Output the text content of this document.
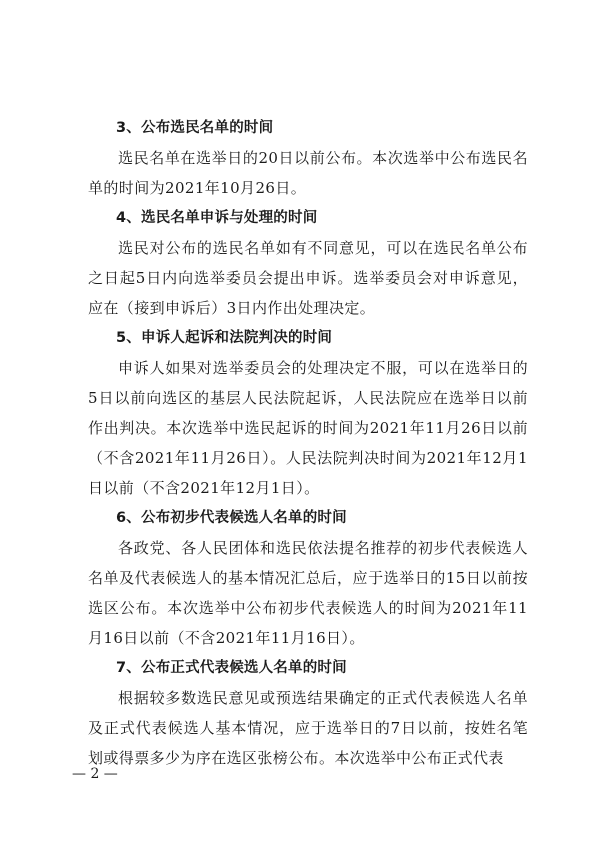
3、公布选民名单的时间
选民名单在选举日的20日以前公布。本次选举中公布选民名单的时间为2021年10月26日。
4、选民名单申诉与处理的时间
选民对公布的选民名单如有不同意见，可以在选民名单公布之日起5日内向选举委员会提出申诉。选举委员会对申诉意见，应在（接到申诉后）3日内作出处理决定。
5、申诉人起诉和法院判决的时间
申诉人如果对选举委员会的处理决定不服，可以在选举日的5日以前向选区的基层人民法院起诉，人民法院应在选举日以前作出判决。本次选举中选民起诉的时间为2021年11月26日以前（不含2021年11月26日）。人民法院判决时间为2021年12月1日以前（不含2021年12月1日）。
6、公布初步代表候选人名单的时间
各政党、各人民团体和选民依法提名推荐的初步代表候选人名单及代表候选人的基本情况汇总后，应于选举日的15日以前按选区公布。本次选举中公布初步代表候选人的时间为2021年11月16日以前（不含2021年11月16日）。
7、公布正式代表候选人名单的时间
根据较多数选民意见或预选结果确定的正式代表候选人名单及正式代表候选人基本情况，应于选举日的7日以前，按姓名笔划或得票多少为序在选区张榜公布。本次选举中公布正式代表
— 2 —
